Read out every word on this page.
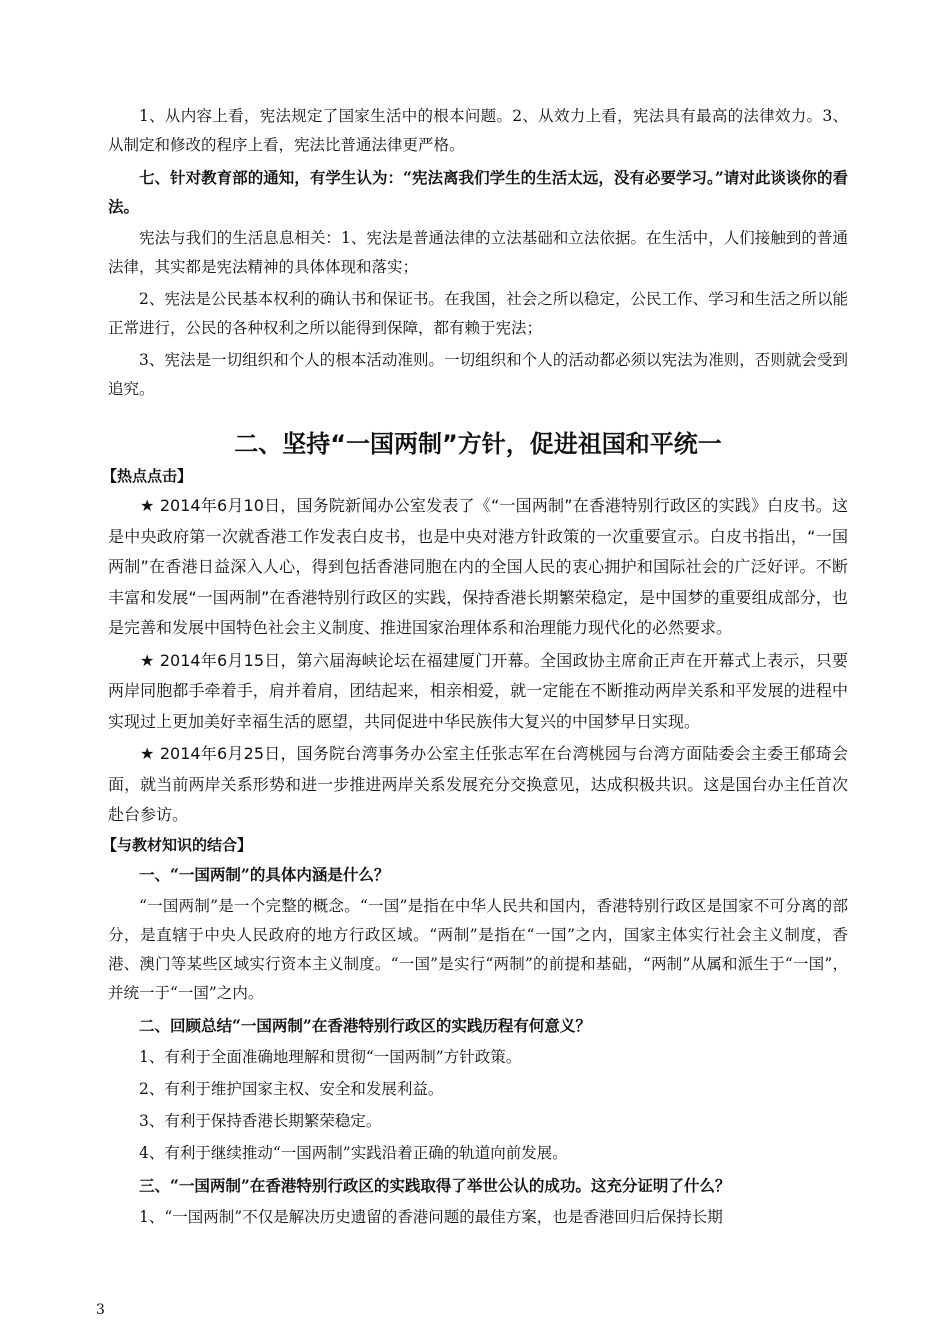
1、从内容上看，宪法规定了国家生活中的根本问题。2、从效力上看，宪法具有最高的法律效力。3、从制定和修改的程序上看，宪法比普通法律更严格。

七、针对教育部的通知，有学生认为：“宪法离我们学生的生活太远，没有必要学习。”请对此谈谈你的看法。

宪法与我们的生活息息相关：1、宪法是普通法律的立法基础和立法依据。在生活中，人们接触到的普通法律，其实都是宪法精神的具体体现和落实；

2、宪法是公民基本权利的确认书和保证书。在我国，社会之所以稳定，公民工作、学习和生活之所以能正常进行，公民的各种权利之所以能得到保障，都有赖于宪法；

3、宪法是一切组织和个人的根本活动准则。一切组织和个人的活动都必须以宪法为准则，否则就会受到追究。

二、坚持“一国两制”方针，促进祖国和平统一

【热点点击】

★ 2014年6月10日，国务院新闻办公室发表了《“一国两制”在香港特别行政区的实践》白皮书。这是中央政府第一次就香港工作发表白皮书，也是中央对港方针政策的一次重要宣示。白皮书指出，“一国两制”在香港日益深入人心，得到包括香港同胞在内的全国人民的衷心拥护和国际社会的广泛好评。不断丰富和发展“一国两制”在香港特别行政区的实践，保持香港长期繁荣稳定，是中国梦的重要组成部分，也是完善和发展中国特色社会主义制度、推进国家治理体系和治理能力现代化的必然要求。

★ 2014年6月15日，第六届海峡论坛在福建厦门开幕。全国政协主席俞正声在开幕式上表示，只要两岸同胞都手牵着手，肩并着肩，团结起来，相亲相爱，就一定能在不断推动两岸关系和平发展的进程中实现过上更加美好幸福生活的愿望，共同促进中华民族伟大复兴的中国梦早日实现。

★ 2014年6月25日，国务院台湾事务办公室主任张志军在台湾桃园与台湾方面陆委会主委王郁琦会面，就当前两岸关系形势和进一步推进两岸关系发展充分交换意见，达成积极共识。这是国台办主任首次赴台参访。

【与教材知识的结合】

一、“一国两制”的具体内涵是什么？

“一国两制”是一个完整的概念。“一国”是指在中华人民共和国内，香港特别行政区是国家不可分离的部分，是直辖于中央人民政府的地方行政区域。“两制”是指在“一国”之内，国家主体实行社会主义制度，香港、澳门等某些区域实行资本主义制度。“一国”是实行“两制”的前提和基础，“两制”从属和派生于“一国”，并统一于“一国”之内。

二、回顾总结“一国两制”在香港特别行政区的实践历程有何意义？

1、有利于全面准确地理解和贯彻“一国两制”方针政策。

2、有利于维护国家主权、安全和发展利益。

3、有利于保持香港长期繁荣稳定。

4、有利于继续推动“一国两制”实践沿着正确的轨道向前发展。

三、“一国两制”在香港特别行政区的实践取得了举世公认的成功。这充分证明了什么？

1、“一国两制”不仅是解决历史遗留的香港问题的最佳方案，也是香港回归后保持长期

3
